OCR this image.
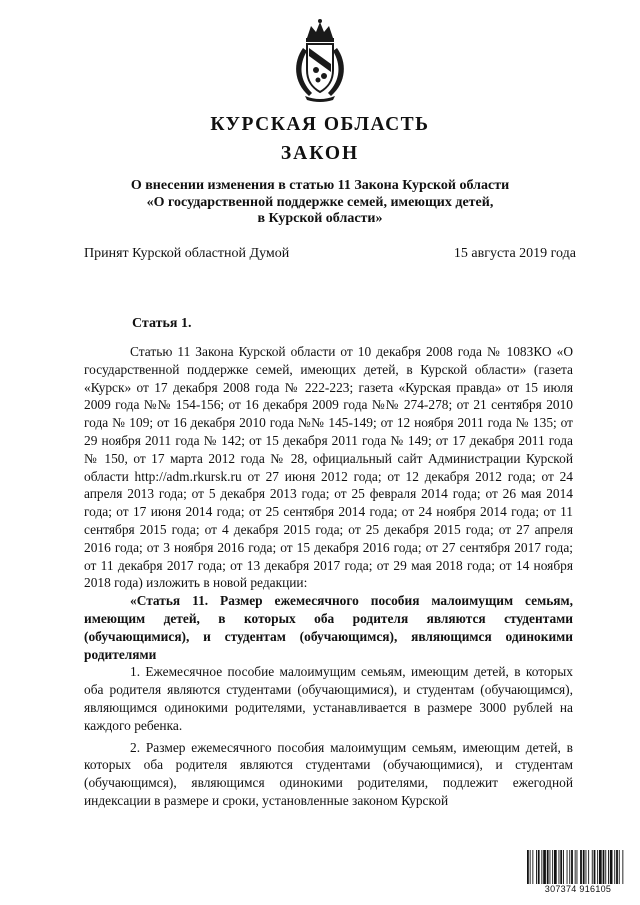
КУРСКАЯ ОБЛАСТЬ
ЗАКОН
О внесении изменения в статью 11 Закона Курской области
«О государственной поддержке семей, имеющих детей,
в Курской области»
Принят Курской областной Думой	15 августа 2019 года
Статья 1.

Статью 11 Закона Курской области от 10 декабря 2008 года № 108ЗКО «О государственной поддержке семей, имеющих детей, в Курской области» (газета «Курск» от 17 декабря 2008 года № 222-223; газета «Курская правда» от 15 июля 2009 года №№ 154-156; от 16 декабря 2009 года №№ 274-278; от 21 сентября 2010 года № 109; от 16 декабря 2010 года №№ 145-149; от 12 ноября 2011 года № 135; от 29 ноября 2011 года № 142; от 15 декабря 2011 года № 149; от 17 декабря 2011 года № 150, от 17 марта 2012 года № 28, официальный сайт Администрации Курской области http://adm.rkursk.ru от 27 июня 2012 года; от 12 декабря 2012 года; от 24 апреля 2013 года; от 5 декабря 2013 года; от 25 февраля 2014 года; от 26 мая 2014 года; от 17 июня 2014 года; от 25 сентября 2014 года; от 24 ноября 2014 года; от 11 сентября 2015 года; от 4 декабря 2015 года; от 25 декабря 2015 года; от 27 апреля 2016 года; от 3 ноября 2016 года; от 15 декабря 2016 года; от 27 сентября 2017 года; от 11 декабря 2017 года; от 13 декабря 2017 года; от 29 мая 2018 года; от 14 ноября 2018 года) изложить в новой редакции:

«Статья 11. Размер ежемесячного пособия малоимущим семьям, имеющим детей, в которых оба родителя являются студентами (обучающимися), и студентам (обучающимся), являющимся одинокими родителями

1. Ежемесячное пособие малоимущим семьям, имеющим детей, в которых оба родителя являются студентами (обучающимися), и студентам (обучающимся), являющимся одинокими родителями, устанавливается в размере 3000 рублей на каждого ребенка.

2. Размер ежемесячного пособия малоимущим семьям, имеющим детей, в которых оба родителя являются студентами (обучающимися), и студентам (обучающимся), являющимся одинокими родителями, подлежит ежегодной индексации в размере и сроки, установленные законом Курской

307374 916105
